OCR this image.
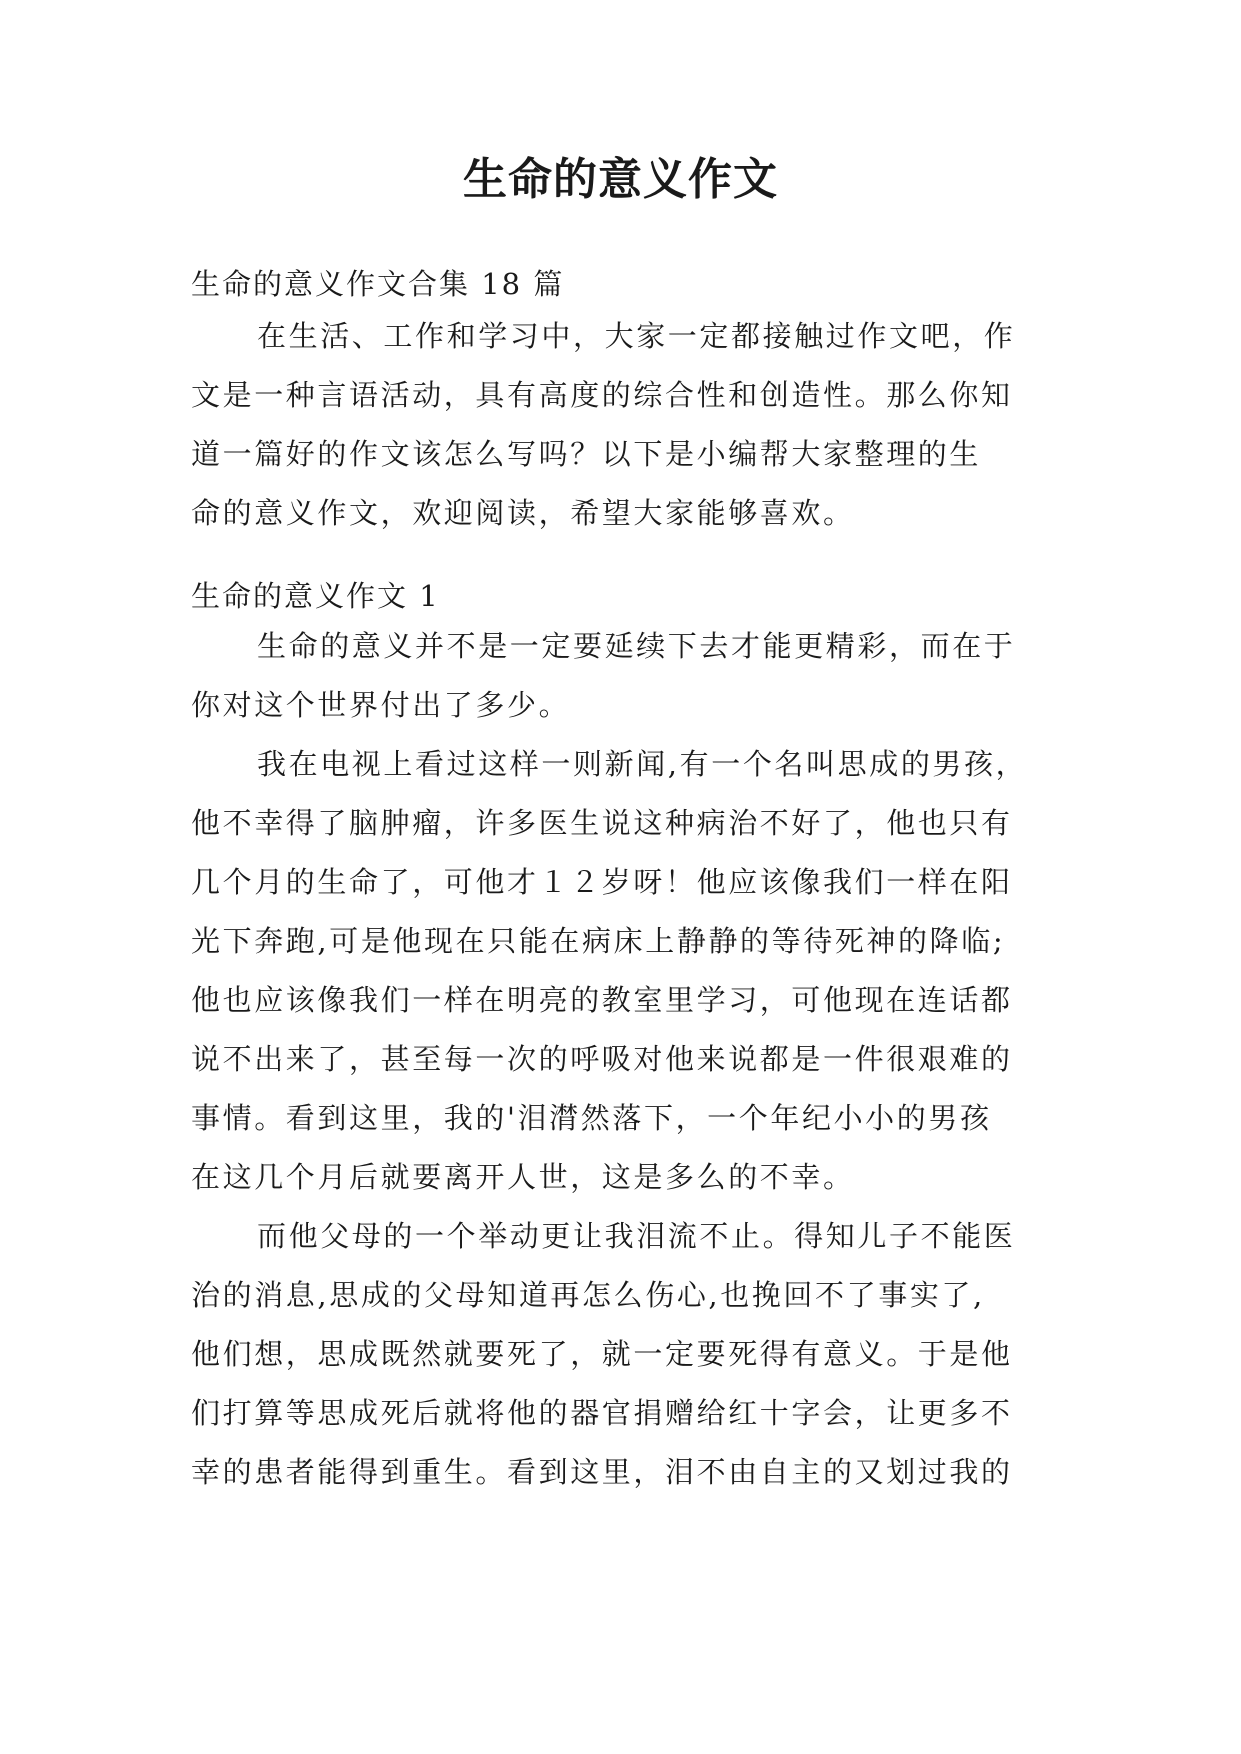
生命的意义作文
生命的意义作文合集 18 篇
在生活、工作和学习中，大家一定都接触过作文吧，作
文是一种言语活动，具有高度的综合性和创造性。那么你知
道一篇好的作文该怎么写吗？以下是小编帮大家整理的生
命的意义作文，欢迎阅读，希望大家能够喜欢。
生命的意义作文 1
生命的意义并不是一定要延续下去才能更精彩，而在于
你对这个世界付出了多少。
我在电视上看过这样一则新闻,有一个名叫思成的男孩，
他不幸得了脑肿瘤，许多医生说这种病治不好了，他也只有
几个月的生命了，可他才１２岁呀！他应该像我们一样在阳
光下奔跑,可是他现在只能在病床上静静的等待死神的降临;
他也应该像我们一样在明亮的教室里学习，可他现在连话都
说不出来了，甚至每一次的呼吸对他来说都是一件很艰难的
事情。看到这里，我的'泪潸然落下，一个年纪小小的男孩
在这几个月后就要离开人世，这是多么的不幸。
而他父母的一个举动更让我泪流不止。得知儿子不能医
治的消息,思成的父母知道再怎么伤心,也挽回不了事实了,
他们想，思成既然就要死了，就一定要死得有意义。于是他
们打算等思成死后就将他的器官捐赠给红十字会，让更多不
幸的患者能得到重生。看到这里，泪不由自主的又划过我的
